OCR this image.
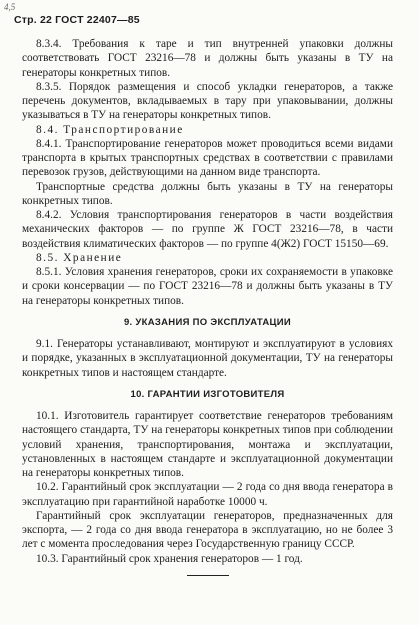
4,5
Стр. 22 ГОСТ 22407—85

8.3.4. Требования к таре и тип внутренней упаковки должны соответствовать ГОСТ 23216—78 и должны быть указаны в ТУ на генераторы конкретных типов.

8.3.5. Порядок размещения и способ укладки генераторов, а также перечень документов, вкладываемых в тару при упаковывании, должны указываться в ТУ на генераторы конкретных типов.

8.4. Транспортирование

8.4.1. Транспортирование генераторов может проводиться всеми видами транспорта в крытых транспортных средствах в соответствии с правилами перевозок грузов, действующими на данном виде транспорта.

Транспортные средства должны быть указаны в ТУ на генераторы конкретных типов.

8.4.2. Условия транспортирования генераторов в части воздействия механических факторов — по группе Ж ГОСТ 23216—78, в части воздействия климатических факторов — по группе 4(Ж2) ГОСТ 15150—69.

8.5. Хранение

8.5.1. Условия хранения генераторов, сроки их сохраняемости в упаковке и сроки консервации — по ГОСТ 23216—78 и должны быть указаны в ТУ на генераторы конкретных типов.

9. УКАЗАНИЯ ПО ЭКСПЛУАТАЦИИ

9.1. Генераторы устанавливают, монтируют и эксплуатируют в условиях и порядке, указанных в эксплуатационной документации, ТУ на генераторы конкретных типов и настоящем стандарте.

10. ГАРАНТИИ ИЗГОТОВИТЕЛЯ

10.1. Изготовитель гарантирует соответствие генераторов требованиям настоящего стандарта, ТУ на генераторы конкретных типов при соблюдении условий хранения, транспортирования, монтажа и эксплуатации, установленных в настоящем стандарте и эксплуатационной документации на генераторы конкретных типов.

10.2. Гарантийный срок эксплуатации — 2 года со дня ввода генератора в эксплуатацию при гарантийной наработке 10000 ч.

Гарантийный срок эксплуатации генераторов, предназначенных для экспорта, — 2 года со дня ввода генератора в эксплуатацию, но не более 3 лет с момента проследования через Государственную границу СССР.

10.3. Гарантийный срок хранения генераторов — 1 год.
